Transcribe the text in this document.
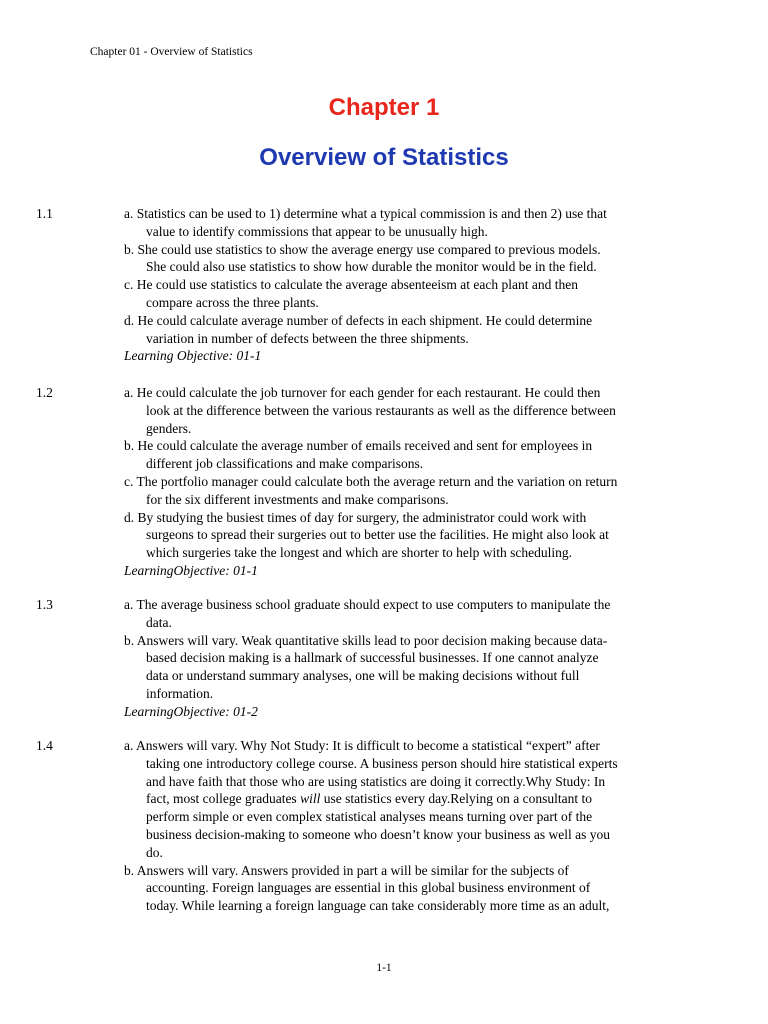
Chapter 01 - Overview of Statistics
Chapter 1
Overview of Statistics
1.1	a. Statistics can be used to 1) determine what a typical commission is and then 2) use that
value to identify commissions that appear to be unusually high.

b. She could use statistics to show the average energy use compared to previous models.
She could also use statistics to show how durable the monitor would be in the field.

c. He could use statistics to calculate the average absenteeism at each plant and then
compare across the three plants.

d. He could calculate average number of defects in each shipment. He could determine
variation in number of defects between the three shipments.

Learning Objective: 01-1
1.2	a. He could calculate the job turnover for each gender for each restaurant. He could then
look at the difference between the various restaurants as well as the difference between
genders.

b. He could calculate the average number of emails received and sent for employees in
different job classifications and make comparisons.

c. The portfolio manager could calculate both the average return and the variation on return
for the six different investments and make comparisons.

d. By studying the busiest times of day for surgery, the administrator could work with
surgeons to spread their surgeries out to better use the facilities. He might also look at
which surgeries take the longest and which are shorter to help with scheduling.

LearningObjective: 01-1
1.3	a. The average business school graduate should expect to use computers to manipulate the
data.

b. Answers will vary. Weak quantitative skills lead to poor decision making because data-
based decision making is a hallmark of successful businesses. If one cannot analyze
data or understand summary analyses, one will be making decisions without full
information.

LearningObjective: 01-2
1.4	a. Answers will vary. Why Not Study: It is difficult to become a statistical “expert” after
taking one introductory college course. A business person should hire statistical experts
and have faith that those who are using statistics are doing it correctly.Why Study: In
fact, most college graduates will use statistics every day.Relying on a consultant to
perform simple or even complex statistical analyses means turning over part of the
business decision-making to someone who doesn’t know your business as well as you
do.

b. Answers will vary. Answers provided in part a will be similar for the subjects of
accounting. Foreign languages are essential in this global business environment of
today. While learning a foreign language can take considerably more time as an adult,

1-1
